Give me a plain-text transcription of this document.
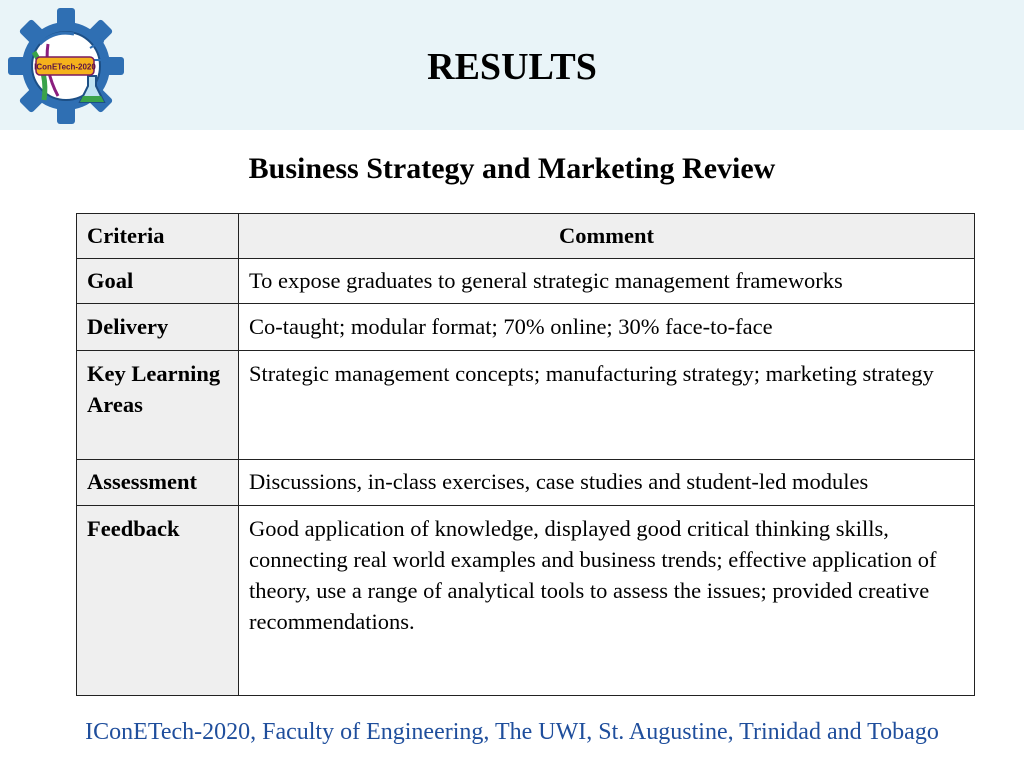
IConETech-2020	RESULTS
Business Strategy and Marketing Review
Criteria	Comment
Goal	To expose graduates to general strategic management frameworks
Delivery	Co-taught; modular format; 70% online; 30% face-to-face
Key Learning Areas	Strategic management concepts; manufacturing strategy; marketing strategy
Assessment	Discussions, in-class exercises, case studies and student-led modules
Feedback	Good application of knowledge, displayed good critical thinking skills, connecting real world examples and business trends; effective application of theory, use a range of analytical tools to assess the issues; provided creative recommendations.
IConETech-2020, Faculty of Engineering, The UWI, St. Augustine, Trinidad and Tobago
